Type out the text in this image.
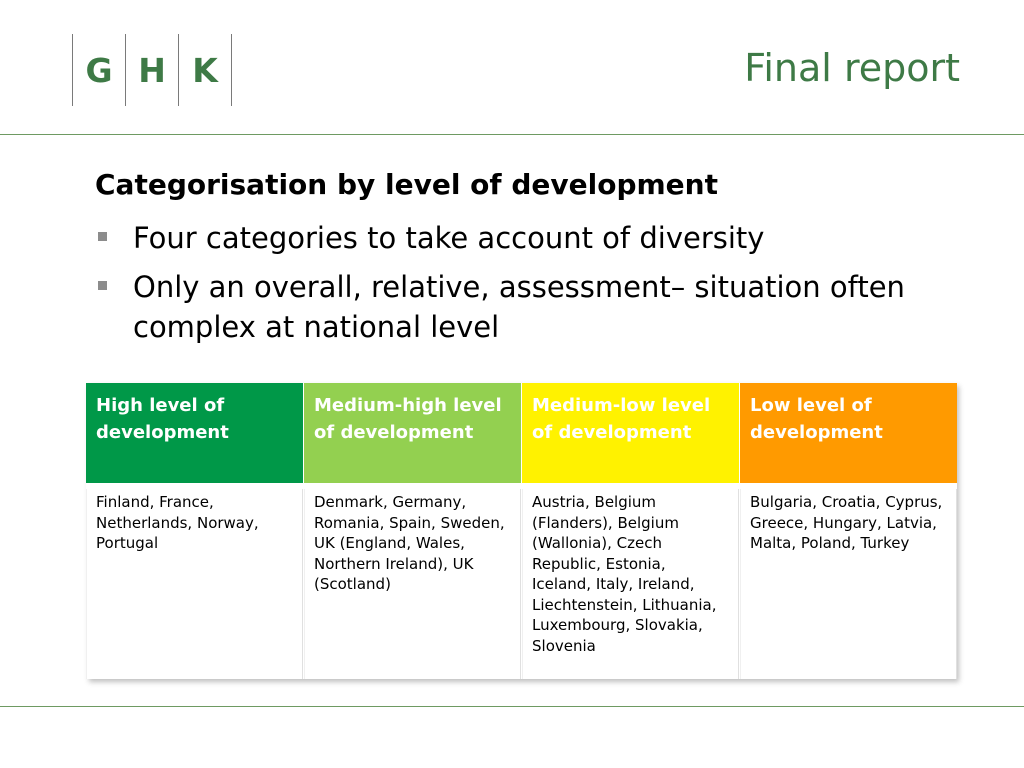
G H K	Final report
Categorisation by level of development
Four categories to take account of diversity
Only an overall, relative, assessment– situation often complex at national level
High level of development
Medium-high level of development
Medium-low level of development
Low level of development
Finland, France, Netherlands, Norway, Portugal
Denmark, Germany, Romania, Spain, Sweden, UK (England, Wales, Northern Ireland), UK (Scotland)
Austria, Belgium (Flanders), Belgium (Wallonia), Czech Republic, Estonia, Iceland, Italy, Ireland, Liechtenstein, Lithuania, Luxembourg, Slovakia, Slovenia
Bulgaria, Croatia, Cyprus, Greece, Hungary, Latvia, Malta, Poland, Turkey
